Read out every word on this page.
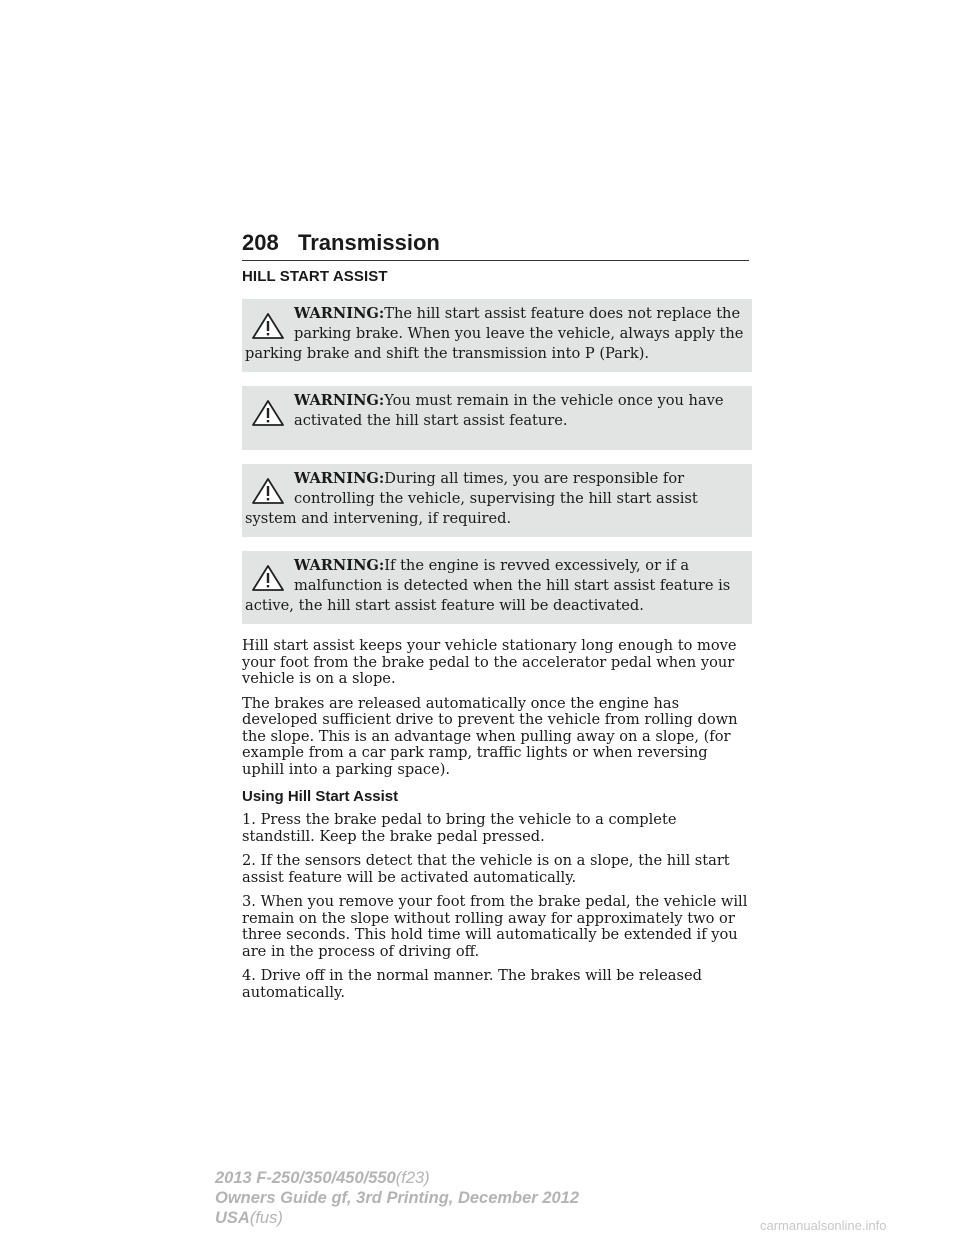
208 Transmission
HILL START ASSIST
WARNING:The hill start assist feature does not replace the parking brake. When you leave the vehicle, always apply the parking brake and shift the transmission into P (Park).
WARNING:You must remain in the vehicle once you have activated the hill start assist feature.
WARNING:During all times, you are responsible for controlling the vehicle, supervising the hill start assist system and intervening, if required.
WARNING:If the engine is revved excessively, or if a malfunction is detected when the hill start assist feature is active, the hill start assist feature will be deactivated.

Hill start assist keeps your vehicle stationary long enough to move your foot from the brake pedal to the accelerator pedal when your vehicle is on a slope.

The brakes are released automatically once the engine has developed sufficient drive to prevent the vehicle from rolling down the slope. This is an advantage when pulling away on a slope, (for example from a car park ramp, traffic lights or when reversing uphill into a parking space).

Using Hill Start Assist

1. Press the brake pedal to bring the vehicle to a complete standstill. Keep the brake pedal pressed.

2. If the sensors detect that the vehicle is on a slope, the hill start assist feature will be activated automatically.

3. When you remove your foot from the brake pedal, the vehicle will remain on the slope without rolling away for approximately two or three seconds. This hold time will automatically be extended if you are in the process of driving off.

4. Drive off in the normal manner. The brakes will be released automatically.

2013 F-250/350/450/550(f23)
Owners Guide gf, 3rd Printing, December 2012
USA(fus)	carmanualsonline.info
